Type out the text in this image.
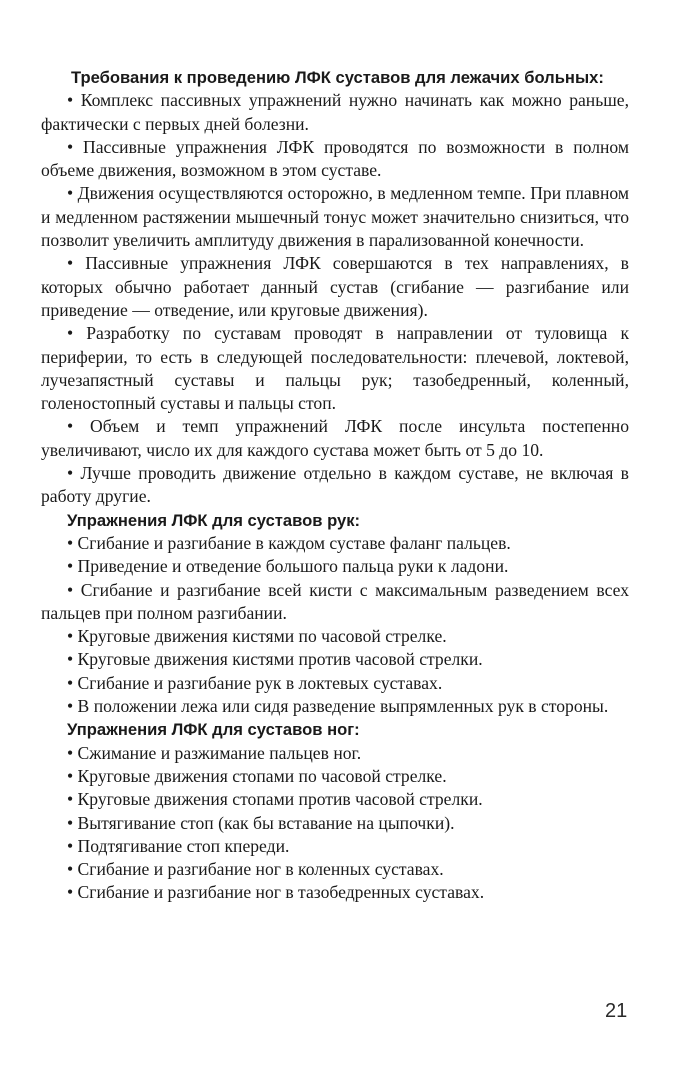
Требования к проведению ЛФК суставов для лежачих больных:

• Комплекс пассивных упражнений нужно начинать как можно раньше, фактически с первых дней болезни.

• Пассивные упражнения ЛФК проводятся по возможности в полном объеме движения, возможном в этом суставе.

• Движения осуществляются осторожно, в медленном темпе. При плавном и медленном растяжении мышечный тонус может значительно снизиться, что позволит увеличить амплитуду движения в парализованной конечности.

• Пассивные упражнения ЛФК совершаются в тех направлениях, в которых обычно работает данный сустав (сгибание — разгибание или приведение — отведение, или круговые движения).

• Разработку по суставам проводят в направлении от туловища к периферии, то есть в следующей последовательности: плечевой, локтевой, лучезапястный суставы и пальцы рук; тазобедренный, коленный, голеностопный суставы и пальцы стоп.

• Объем и темп упражнений ЛФК после инсульта постепенно увеличивают, число их для каждого сустава может быть от 5 до 10.

• Лучше проводить движение отдельно в каждом суставе, не включая в работу другие.

Упражнения ЛФК для суставов рук:

• Сгибание и разгибание в каждом суставе фаланг пальцев.

• Приведение и отведение большого пальца руки к ладони.

• Сгибание и разгибание всей кисти с максимальным разведением всех пальцев при полном разгибании.

• Круговые движения кистями по часовой стрелке.

• Круговые движения кистями против часовой стрелки.

• Сгибание и разгибание рук в локтевых суставах.

• В положении лежа или сидя разведение выпрямленных рук в стороны.

Упражнения ЛФК для суставов ног:

• Сжимание и разжимание пальцев ног.

• Круговые движения стопами по часовой стрелке.

• Круговые движения стопами против часовой стрелки.

• Вытягивание стоп (как бы вставание на цыпочки).

• Подтягивание стоп кпереди.

• Сгибание и разгибание ног в коленных суставах.

• Сгибание и разгибание ног в тазобедренных суставах.

21
